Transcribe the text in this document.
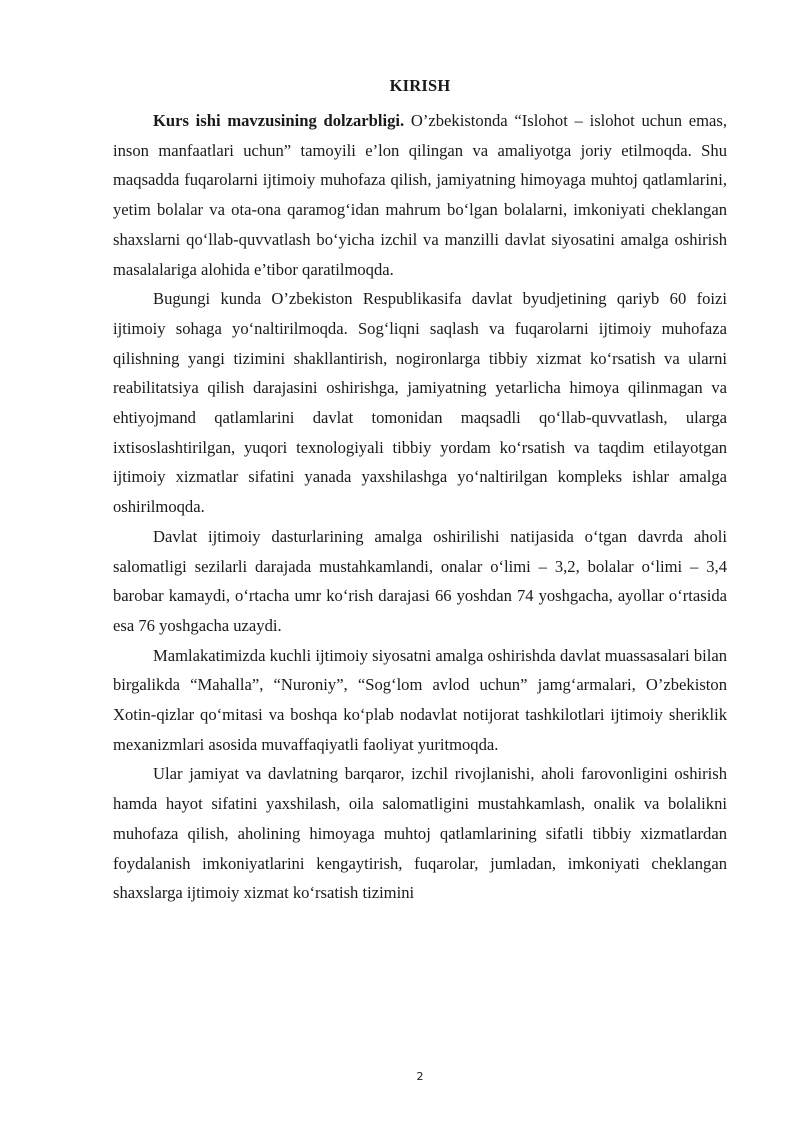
KIRISH

Kurs ishi mavzusining dolzarbligi. O’zbekistonda “Islohot – islohot uchun emas, inson manfaatlari uchun” tamoyili e’lon qilingan va amaliyotga joriy etilmoqda. Shu maqsadda fuqarolarni ijtimoiy muhofaza qilish, jamiyatning himoyaga muhtoj qatlamlarini, yetim bolalar va ota-ona qaramog‘idan mahrum bo‘lgan bolalarni, imkoniyati cheklangan shaxslarni qo‘llab-quvvatlash bo‘yicha izchil va manzilli davlat siyosatini amalga oshirish masalalariga alohida e’tibor qaratilmoqda.

Bugungi kunda O’zbekiston Respublikasifa davlat byudjetining qariyb 60 foizi ijtimoiy sohaga yo‘naltirilmoqda. Sog‘liqni saqlash va fuqarolarni ijtimoiy muhofaza qilishning yangi tizimini shakllantirish, nogironlarga tibbiy xizmat ko‘rsatish va ularni reabilitatsiya qilish darajasini oshirishga, jamiyatning yetarlicha himoya qilinmagan va ehtiyojmand qatlamlarini davlat tomonidan maqsadli qo‘llab-quvvatlash, ularga ixtisoslashtirilgan, yuqori texnologiyali tibbiy yordam ko‘rsatish va taqdim etilayotgan ijtimoiy xizmatlar sifatini yanada yaxshilashga yo‘naltirilgan kompleks ishlar amalga oshirilmoqda.

Davlat ijtimoiy dasturlarining amalga oshirilishi natijasida o‘tgan davrda aholi salomatligi sezilarli darajada mustahkamlandi, onalar o‘limi – 3,2, bolalar o‘limi – 3,4 barobar kamaydi, o‘rtacha umr ko‘rish darajasi 66 yoshdan 74 yoshgacha, ayollar o‘rtasida esa 76 yoshgacha uzaydi.

Mamlakatimizda kuchli ijtimoiy siyosatni amalga oshirishda davlat muassasalari bilan birgalikda “Mahalla”, “Nuroniy”, “Sog‘lom avlod uchun” jamg‘armalari, O’zbekiston Xotin-qizlar qo‘mitasi va boshqa ko‘plab nodavlat notijorat tashkilotlari ijtimoiy sheriklik mexanizmlari asosida muvaffaqiyatli faoliyat yuritmoqda.

Ular jamiyat va davlatning barqaror, izchil rivojlanishi, aholi farovonligini oshirish hamda hayot sifatini yaxshilash, oila salomatligini mustahkamlash, onalik va bolalikni muhofaza qilish, aholining himoyaga muhtoj qatlamlarining sifatli tibbiy xizmatlardan foydalanish imkoniyatlarini kengaytirish, fuqarolar, jumladan, imkoniyati cheklangan shaxslarga ijtimoiy xizmat ko‘rsatish tizimini

2
